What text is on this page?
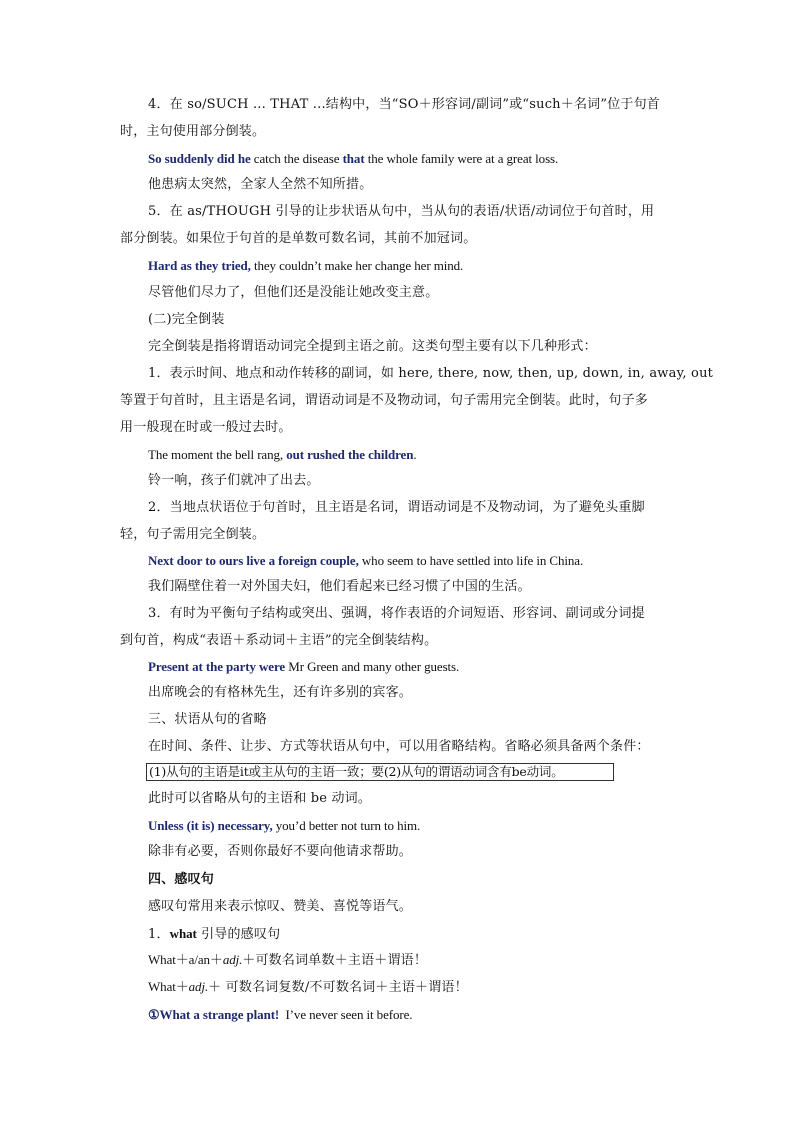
4．在 so/SUCH ... THAT ...结构中，当“SO＋形容词/副词”或“such＋名词”位于句首
时，主句使用部分倒装。
So suddenly did he catch the disease that the whole family were at a great loss.
他患病太突然，全家人全然不知所措。
5．在 as/THOUGH 引导的让步状语从句中，当从句的表语/状语/动词位于句首时，用
部分倒装。如果位于句首的是单数可数名词，其前不加冠词。
Hard as they tried, they couldn’t make her change her mind.
尽管他们尽力了，但他们还是没能让她改变主意。
(二)完全倒装
完全倒装是指将谓语动词完全提到主语之前。这类句型主要有以下几种形式：
1．表示时间、地点和动作转移的副词，如 here, there, now, then, up, down, in, away, out
等置于句首时，且主语是名词，谓语动词是不及物动词，句子需用完全倒装。此时，句子多
用一般现在时或一般过去时。
The moment the bell rang, out rushed the children.
铃一响，孩子们就冲了出去。
2．当地点状语位于句首时，且主语是名词，谓语动词是不及物动词，为了避免头重脚
轻，句子需用完全倒装。
Next door to ours live a foreign couple, who seem to have settled into life in China.
我们隔壁住着一对外国夫妇，他们看起来已经习惯了中国的生活。
3．有时为平衡句子结构或突出、强调，将作表语的介词短语、形容词、副词或分词提
到句首，构成“表语＋系动词＋主语”的完全倒装结构。
Present at the party were Mr Green and many other guests.
出席晚会的有格林先生，还有许多别的宾客。
三、状语从句的省略
在时间、条件、让步、方式等状语从句中，可以用省略结构。省略必须具备两个条件：
(1)从句的主语是it或主从句的主语一致；要(2)从句的谓语动词含有be动词。
此时可以省略从句的主语和 be 动词。
Unless (it is) necessary, you’d better not turn to him.
除非有必要，否则你最好不要向他请求帮助。
四、感叹句
感叹句常用来表示惊叹、赞美、喜悦等语气。
1．what 引导的感叹句
What＋a/an＋adj.＋可数名词单数＋主语＋谓语！
What＋adj.＋ 可数名词复数/不可数名词＋主语＋谓语！
①What a strange plant!  I’ve never seen it before.
